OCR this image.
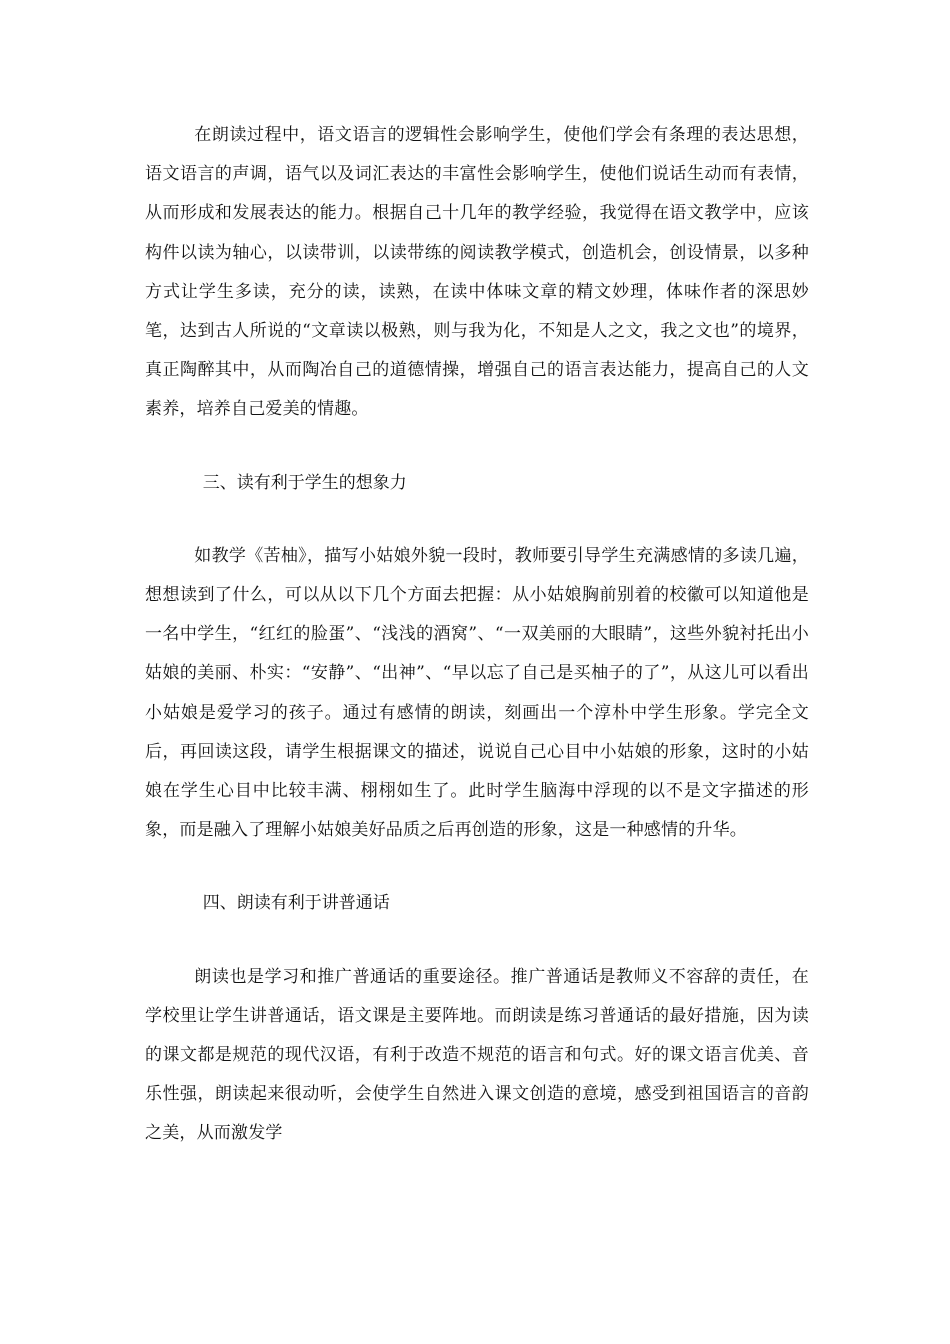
在朗读过程中，语文语言的逻辑性会影响学生，使他们学会有条理的表达思想，语文语言的声调，语气以及词汇表达的丰富性会影响学生，使他们说话生动而有表情，从而形成和发展表达的能力。根据自己十几年的教学经验，我觉得在语文教学中，应该构件以读为轴心，以读带训，以读带练的阅读教学模式，创造机会，创设情景，以多种方式让学生多读，充分的读，读熟，在读中体味文章的精文妙理，体味作者的深思妙笔，达到古人所说的“文章读以极熟，则与我为化，不知是人之文，我之文也”的境界，真正陶醉其中，从而陶冶自己的道德情操，增强自己的语言表达能力，提高自己的人文素养，培养自己爱美的情趣。

三、读有利于学生的想象力

如教学《苦柚》，描写小姑娘外貌一段时，教师要引导学生充满感情的多读几遍，想想读到了什么，可以从以下几个方面去把握：从小姑娘胸前别着的校徽可以知道他是一名中学生，“红红的脸蛋”、“浅浅的酒窝”、“一双美丽的大眼睛”，这些外貌衬托出小姑娘的美丽、朴实：“安静”、“出神”、“早以忘了自己是买柚子的了”，从这儿可以看出小姑娘是爱学习的孩子。通过有感情的朗读，刻画出一个淳朴中学生形象。学完全文后，再回读这段，请学生根据课文的描述，说说自己心目中小姑娘的形象，这时的小姑娘在学生心目中比较丰满、栩栩如生了。此时学生脑海中浮现的以不是文字描述的形象，而是融入了理解小姑娘美好品质之后再创造的形象，这是一种感情的升华。

四、朗读有利于讲普通话

朗读也是学习和推广普通话的重要途径。推广普通话是教师义不容辞的责任，在学校里让学生讲普通话，语文课是主要阵地。而朗读是练习普通话的最好措施，因为读的课文都是规范的现代汉语，有利于改造不规范的语言和句式。好的课文语言优美、音乐性强，朗读起来很动听，会使学生自然进入课文创造的意境，感受到祖国语言的音韵之美，从而激发学
